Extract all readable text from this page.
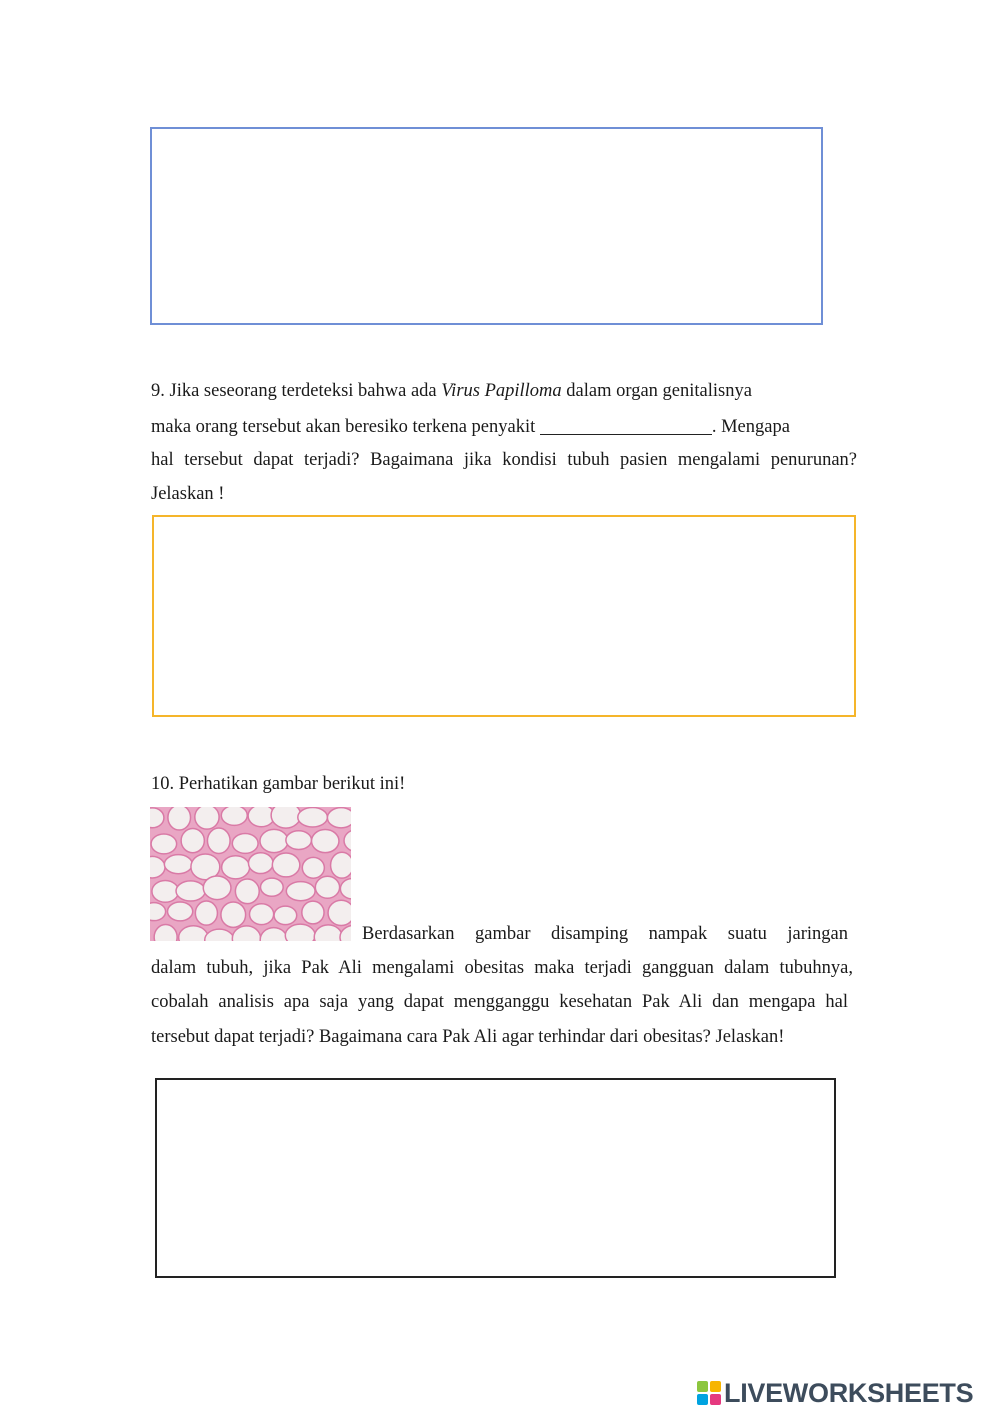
9. Jika seseorang terdeteksi bahwa ada Virus Papilloma dalam organ genitalisnya
maka orang tersebut akan beresiko terkena penyakit	. Mengapa
hal tersebut dapat terjadi? Bagaimana jika kondisi tubuh pasien mengalami penurunan?
Jelaskan !
10. Perhatikan gambar berikut ini!
Berdasarkan gambar disamping nampak suatu jaringan
dalam tubuh, jika Pak Ali mengalami obesitas maka terjadi gangguan dalam tubuhnya,
cobalah analisis apa saja yang dapat mengganggu kesehatan Pak Ali dan mengapa hal
tersebut dapat terjadi? Bagaimana cara Pak Ali agar terhindar dari obesitas? Jelaskan!
LIVEWORKSHEETS
